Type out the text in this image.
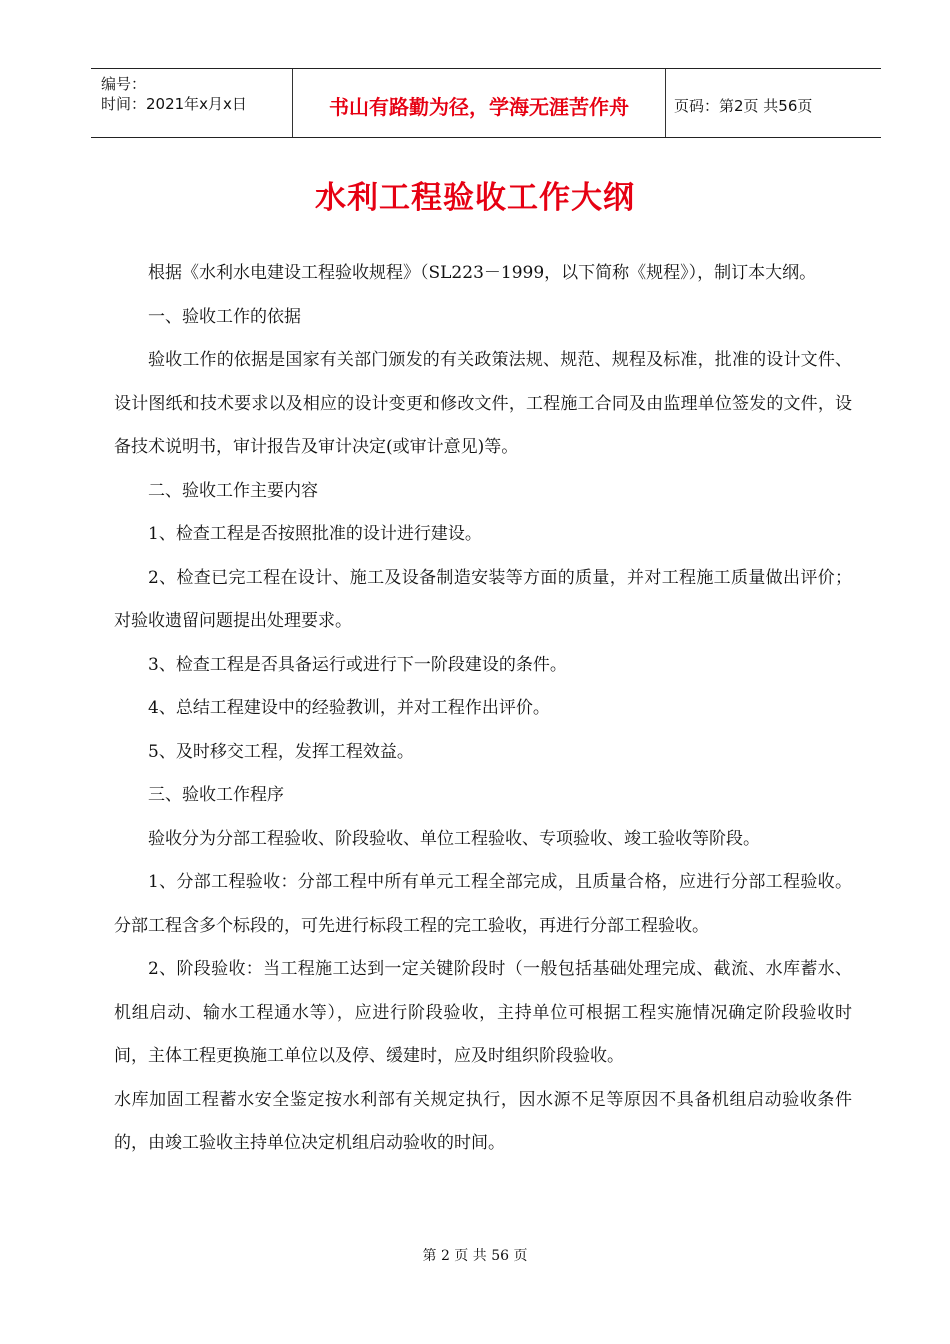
编号：
时间：2021年x月x日	书山有路勤为径，学海无涯苦作舟	页码：第2页 共56页
水利工程验收工作大纲

根据《水利水电建设工程验收规程》（SL223－1999，以下简称《规程》），制订本大纲。

一、验收工作的依据

验收工作的依据是国家有关部门颁发的有关政策法规、规范、规程及标准，批准的设计文件、设计图纸和技术要求以及相应的设计变更和修改文件，工程施工合同及由监理单位签发的文件，设备技术说明书，审计报告及审计决定(或审计意见)等。

二、验收工作主要内容

1、检查工程是否按照批准的设计进行建设。

2、检查已完工程在设计、施工及设备制造安装等方面的质量，并对工程施工质量做出评价；对验收遗留问题提出处理要求。

3、检查工程是否具备运行或进行下一阶段建设的条件。

4、总结工程建设中的经验教训，并对工程作出评价。

5、及时移交工程，发挥工程效益。

三、验收工作程序

验收分为分部工程验收、阶段验收、单位工程验收、专项验收、竣工验收等阶段。

1、分部工程验收：分部工程中所有单元工程全部完成，且质量合格，应进行分部工程验收。分部工程含多个标段的，可先进行标段工程的完工验收，再进行分部工程验收。

2、阶段验收：当工程施工达到一定关键阶段时（一般包括基础处理完成、截流、水库蓄水、机组启动、输水工程通水等），应进行阶段验收，主持单位可根据工程实施情况确定阶段验收时间，主体工程更换施工单位以及停、缓建时，应及时组织阶段验收。

水库加固工程蓄水安全鉴定按水利部有关规定执行，因水源不足等原因不具备机组启动验收条件的，由竣工验收主持单位决定机组启动验收的时间。

第 2 页 共 56 页
